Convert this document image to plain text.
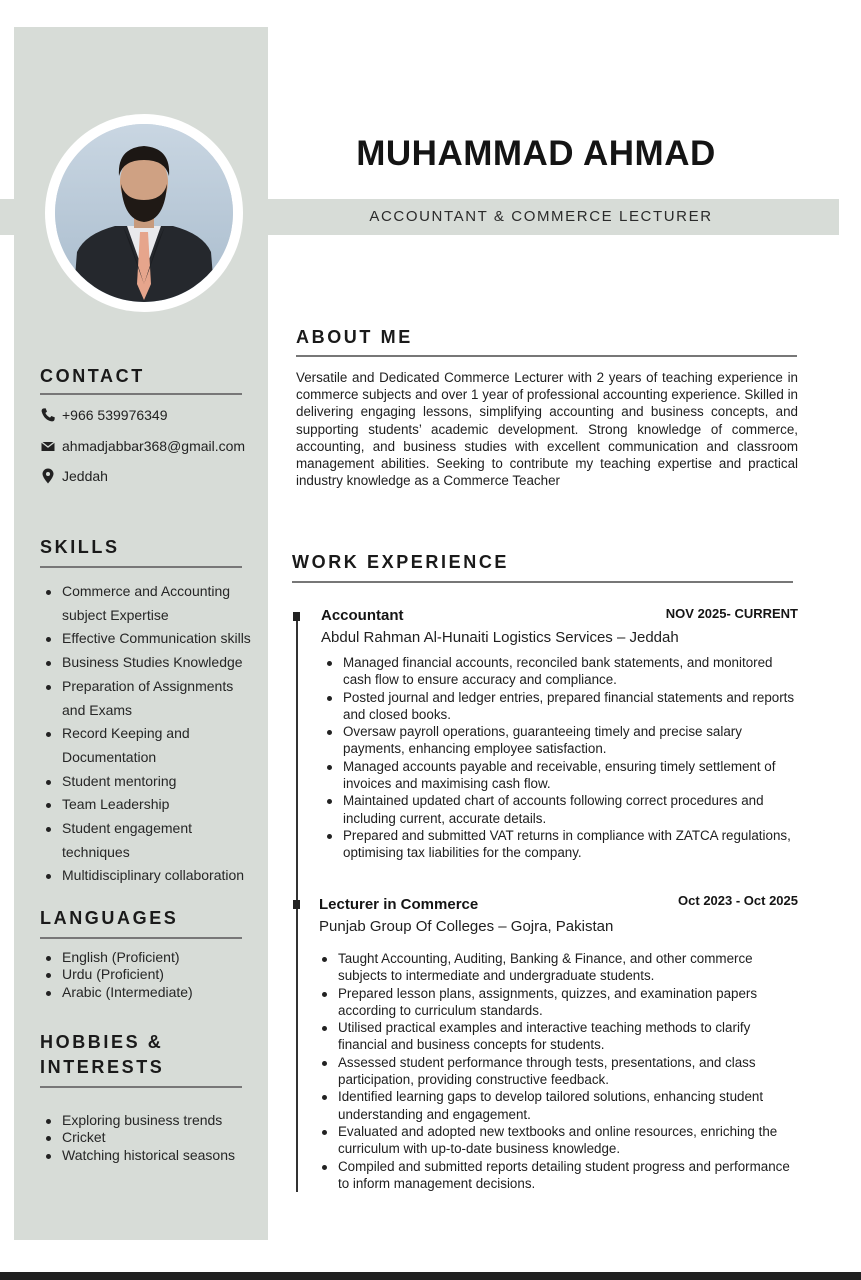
ACCOUNTANT & COMMERCE LECTURER
MUHAMMAD AHMAD
CONTACT
+966 539976349
ahmadjabbar368@gmail.com
Jeddah
SKILLS
Commerce and Accounting
subject Expertise
Effective Communication skills
Business Studies Knowledge
Preparation of Assignments
and Exams
Record Keeping and
Documentation
Student mentoring
Team Leadership
Student engagement
techniques
Multidisciplinary collaboration
LANGUAGES
English (Proficient)
Urdu (Proficient)
Arabic (Intermediate)
HOBBIES &
INTERESTS
Exploring business trends
Cricket
Watching historical seasons
ABOUT ME
Versatile and Dedicated Commerce Lecturer with 2 years of teaching experience in commerce subjects and over 1 year of professional accounting experience. Skilled in delivering engaging lessons, simplifying accounting and business concepts, and supporting students’ academic development. Strong knowledge of commerce, accounting, and business studies with excellent communication and classroom management abilities. Seeking to contribute my teaching expertise and practical industry knowledge as a Commerce Teacher
WORK EXPERIENCE
Accountant	NOV 2025- CURRENT
Abdul Rahman Al-Hunaiti Logistics Services – Jeddah
Managed financial accounts, reconciled bank statements, and monitored cash flow to ensure accuracy and compliance.
Posted journal and ledger entries, prepared financial statements and reports and closed books.
Oversaw payroll operations, guaranteeing timely and precise salary payments, enhancing employee satisfaction.
Managed accounts payable and receivable, ensuring timely settlement of invoices and maximising cash flow.
Maintained updated chart of accounts following correct procedures and including current, accurate details.
Prepared and submitted VAT returns in compliance with ZATCA regulations, optimising tax liabilities for the company.
Lecturer in Commerce	Oct 2023 - Oct 2025
Punjab Group Of Colleges – Gojra, Pakistan
Taught Accounting, Auditing, Banking & Finance, and other commerce subjects to intermediate and undergraduate students.
Prepared lesson plans, assignments, quizzes, and examination papers according to curriculum standards.
Utilised practical examples and interactive teaching methods to clarify financial and business concepts for students.
Assessed student performance through tests, presentations, and class participation, providing constructive feedback.
Identified learning gaps to develop tailored solutions, enhancing student understanding and engagement.
Evaluated and adopted new textbooks and online resources, enriching the curriculum with up-to-date business knowledge.
Compiled and submitted reports detailing student progress and performance to inform management decisions.
